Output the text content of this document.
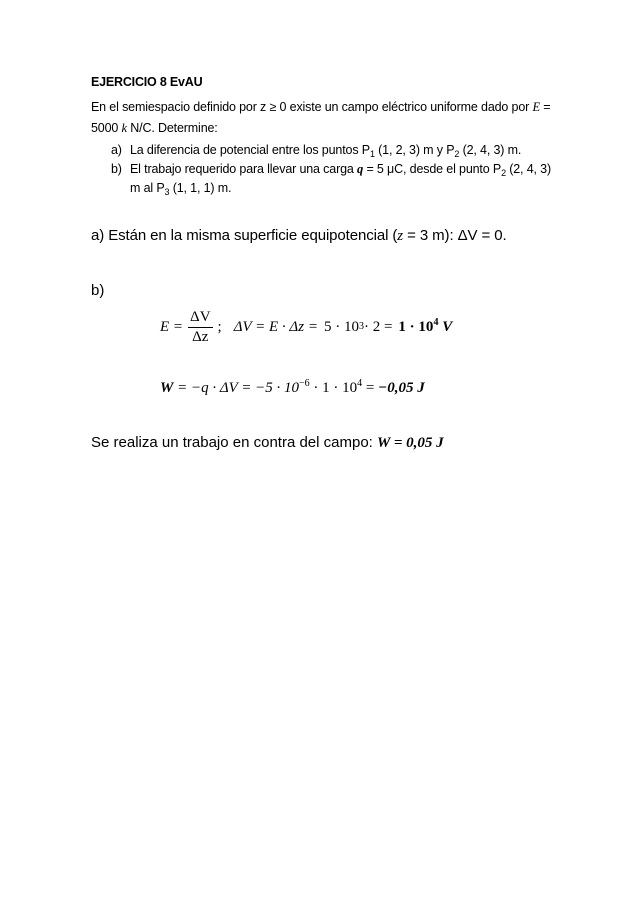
EJERCICIO 8 EvAU
En el semiespacio definido por z ≥ 0 existe un campo eléctrico uniforme dado por E = 5000 k N/C. Determine:
a) La diferencia de potencial entre los puntos $P_1$ (1, 2, 3) m y $P_2$ (2, 4, 3) m.
b) El trabajo requerido para llevar una carga q = 5 μC, desde el punto $P_2$ (2, 4, 3) m al $P_3$ (1, 1, 1) m.
a) Están en la misma superficie equipotencial (z = 3 m): ΔV = 0.
b)
$E = \frac{\Delta V}{\Delta z}$ ; ΔV = E · Δz = 5 · 10 $3 \cdot 2 = 1 \cdot 10^4$ V
$W = -q \cdot \Delta V = -5 \cdot 10^{-6} \cdot 1 \cdot 10^4 = -0,05$ J
Se realiza un trabajo en contra del campo: W = 0,05 J
